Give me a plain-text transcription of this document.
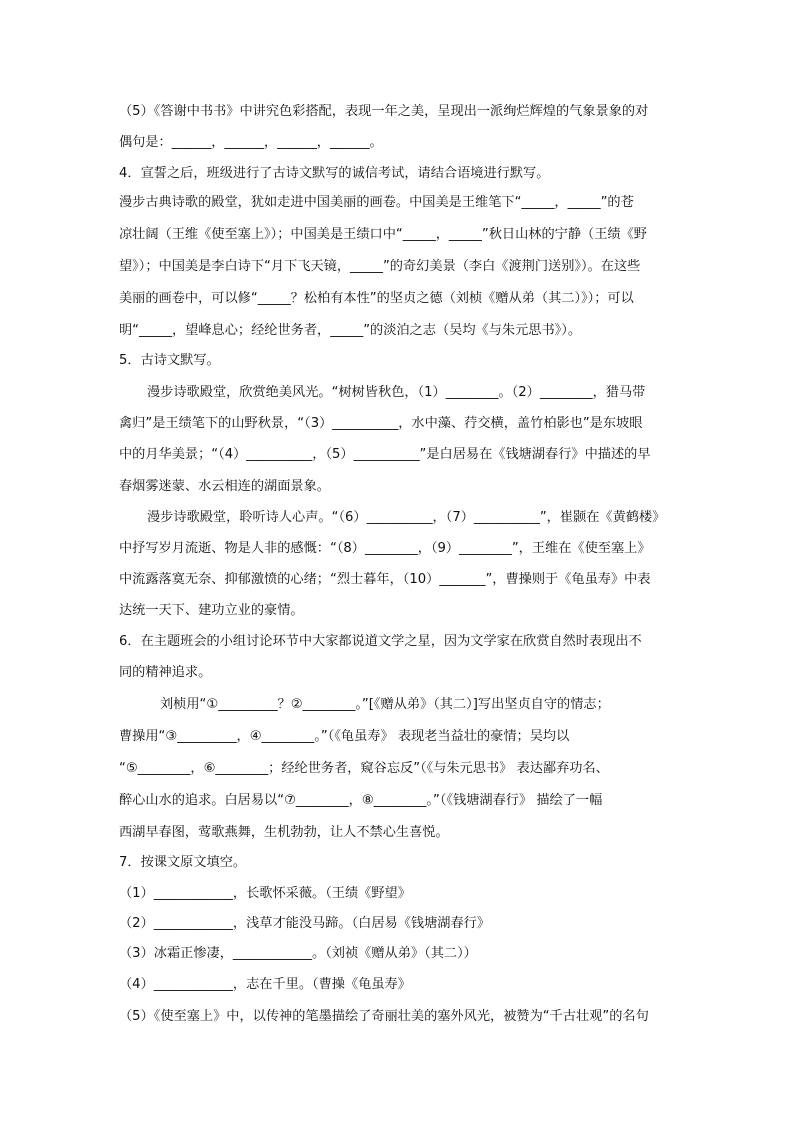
（5）《答谢中书书》中讲究色彩搭配，表现一年之美，呈现出一派绚烂辉煌的气象景象的对
偶句是：______，______，______，______。
4．宣誓之后，班级进行了古诗文默写的诚信考试，请结合语境进行默写。
漫步古典诗歌的殿堂，犹如走进中国美丽的画卷。中国美是王维笔下“_____，_____”的苍
凉壮阔（王维《使至塞上》）；中国美是王绩口中“_____，_____”秋日山林的宁静（王绩《野
望》）；中国美是李白诗下“月下飞天镜，_____”的奇幻美景（李白《渡荆门送别》）。在这些
美丽的画卷中，可以修“_____？松柏有本性”的坚贞之德（刘桢《赠从弟（其二）》）；可以
明“_____，望峰息心；经纶世务者，_____”的淡泊之志（吴均《与朱元思书》）。
5．古诗文默写。
漫步诗歌殿堂，欣赏绝美风光。“树树皆秋色，（1）________。（2）________，猎马带
禽归”是王绩笔下的山野秋景，“（3）__________，水中藻、荇交横，盖竹柏影也”是东坡眼
中的月华美景；“（4）__________，（5）__________”是白居易在《钱塘湖春行》中描述的早
春烟雾迷蒙、水云相连的湖面景象。
漫步诗歌殿堂，聆听诗人心声。“（6）__________，（7）__________”，崔颢在《黄鹤楼》
中抒写岁月流逝、物是人非的感慨：“（8）________，（9）________”，王维在《使至塞上》
中流露落寞无奈、抑郁激愤的心绪；“烈士暮年，（10）_______”，曹操则于《龟虽寿》中表
达统一天下、建功立业的豪情。
6．在主题班会的小组讨论环节中大家都说道文学之星，因为文学家在欣赏自然时表现出不
同的精神追求。
刘桢用“①_________？②________。”[《赠从弟》（其二）]写出坚贞自守的情志；
曹操用“③_________，④________。”（《龟虽寿》 表现老当益壮的豪情；吴均以
“⑤________，⑥________；经纶世务者，窥谷忘反”（《与朱元思书》 表达鄙弃功名、
醉心山水的追求。白居易以“⑦________，⑧________。”（《钱塘湖春行》 描绘了一幅
西湖早春图，莺歌燕舞，生机勃勃，让人不禁心生喜悦。
7．按课文原文填空。
（1）____________，长歌怀采薇。（王绩《野望》
（2）____________，浅草才能没马蹄。（白居易《钱塘湖春行》
（3）冰霜正惨凄，____________。（刘祯《赠从弟》（其二））
（4）____________，志在千里。（曹操《龟虽寿》
（5）《使至塞上》中，以传神的笔墨描绘了奇丽壮美的塞外风光，被赞为“千古壮观”的名句
